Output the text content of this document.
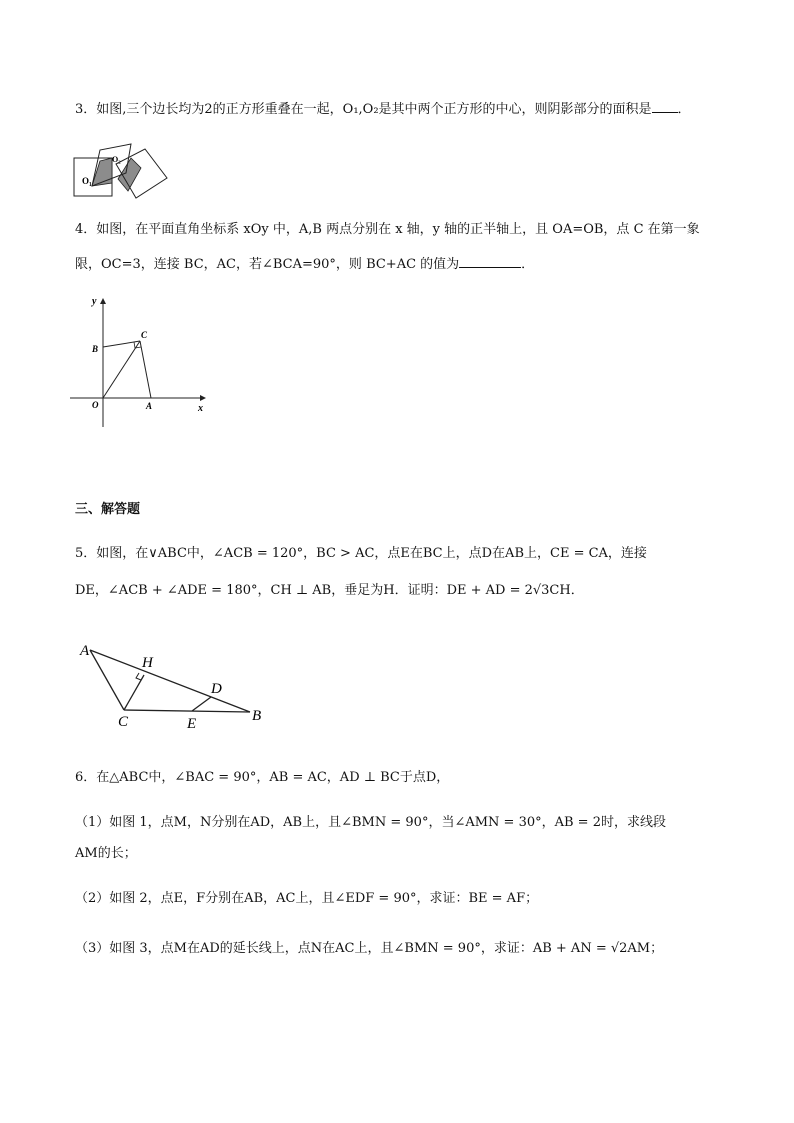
3．如图,三个边长均为2的正方形重叠在一起，O₁,O₂是其中两个正方形的中心，则阴影部分的面积是 ．
O₁
O₂
4．如图，在平面直角坐标系 xOy 中，A,B 两点分别在 x 轴，y 轴的正半轴上，且 OA=OB，点 C 在第一象
限，OC=3，连接 BC，AC，若∠BCA=90°，则 BC+AC 的值为	．
y
x
O	A
B
C
三、解答题
5．如图，在∨ABC中，∠ACB = 120°，BC > AC，点E在BC上，点D在AB上，CE = CA，连接
DE，∠ACB + ∠ADE = 180°，CH ⊥ AB，垂足为H．证明：DE + AD = 2√3CH．
A
H
D
B
C	E
6．在△ABC中，∠BAC = 90°，AB = AC，AD ⊥ BC于点D，
（1）如图 1，点M，N分别在AD，AB上，且∠BMN = 90°，当∠AMN = 30°，AB = 2时，求线段
AM的长；
（2）如图 2，点E，F分别在AB，AC上，且∠EDF = 90°，求证：BE = AF；
（3）如图 3，点M在AD的延长线上，点N在AC上，且∠BMN = 90°，求证：AB + AN = √2AM；
